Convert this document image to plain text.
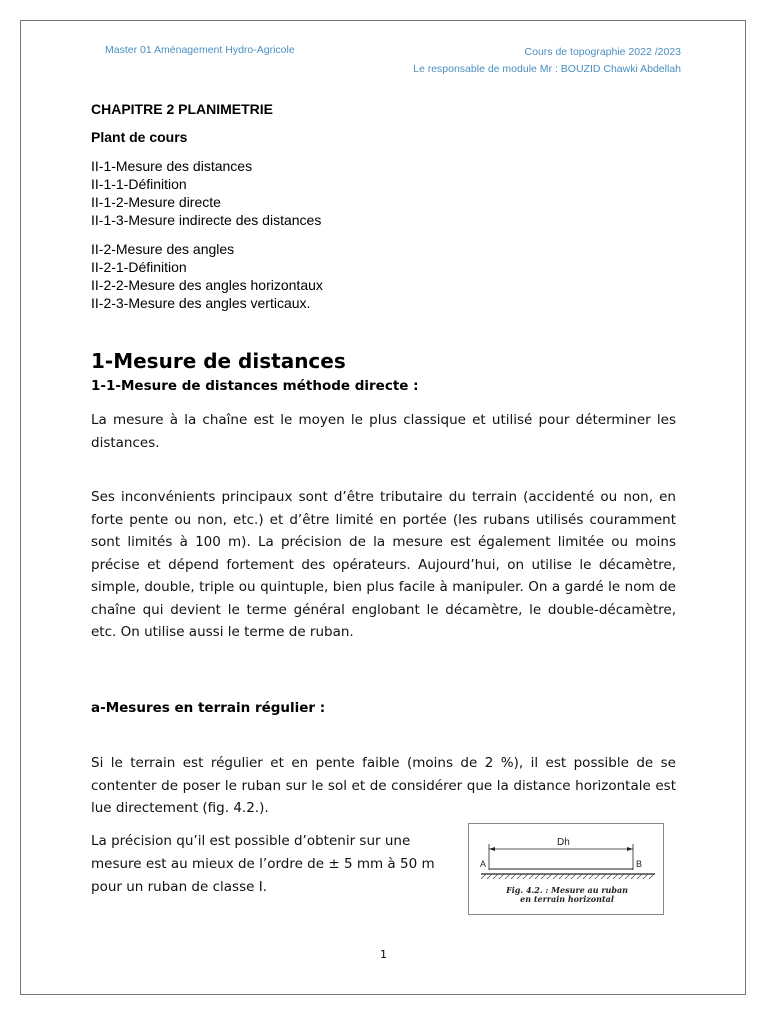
Master 01 Aménagement Hydro-Agricole	Cours de topographie 2022 /2023
Le responsable de module Mr : BOUZID Chawki Abdellah
CHAPITRE 2 PLANIMETRIE
Plant de cours
II-1-Mesure des distances
II-1-1-Définition
II-1-2-Mesure directe
II-1-3-Mesure indirecte des distances
II-2-Mesure des angles
II-2-1-Définition
II-2-2-Mesure des angles horizontaux
II-2-3-Mesure des angles verticaux.
1-Mesure de distances
1-1-Mesure de distances méthode directe :
La mesure à la chaîne est le moyen le plus classique et utilisé pour déterminer les distances.
Ses inconvénients principaux sont d’être tributaire du terrain (accidenté ou non, en forte pente ou non, etc.) et d’être limité en portée (les rubans utilisés couramment sont limités à 100 m). La précision de la mesure est également limitée ou moins précise et dépend fortement des opérateurs. Aujourd’hui, on utilise le décamètre, simple, double, triple ou quintuple, bien plus facile à manipuler. On a gardé le nom de chaîne qui devient le terme général englobant le décamètre, le double-décamètre, etc. On utilise aussi le terme de ruban.
a-Mesures en terrain régulier :
Si le terrain est régulier et en pente faible (moins de 2 %), il est possible de se contenter de poser le ruban sur le sol et de considérer que la distance horizontale est lue directement (fig. 4.2.).
La précision qu’il est possible d’obtenir sur une mesure est au mieux de l’ordre de ± 5 mm à 50 m pour un ruban de classe I.
Dh
A	B
Fig. 4.2. : Mesure au ruban
en terrain horizontal
1
